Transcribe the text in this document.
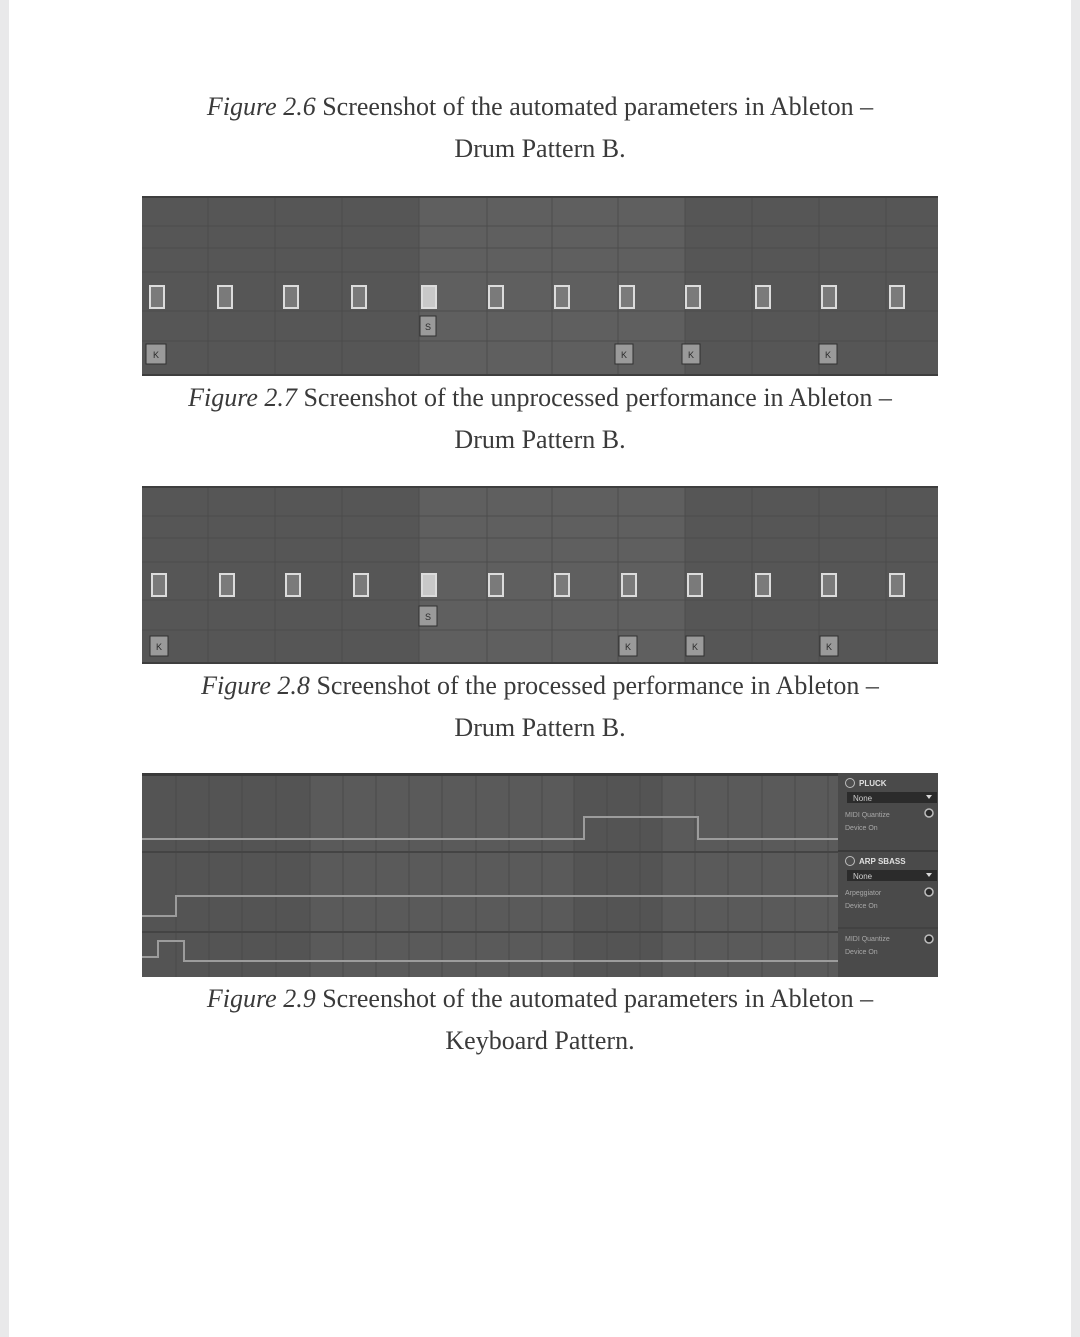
Figure 2.6 Screenshot of the automated parameters in Ableton –
Drum Pattern B.
S
K	K	K	K
Figure 2.7 Screenshot of the unprocessed performance in Ableton –
Drum Pattern B.
S
K	K	K	K
Figure 2.8 Screenshot of the processed performance in Ableton –
Drum Pattern B.
PLUCK
ARP SBASS
None
None
MIDI Quantize
Device On
Arpeggiator
Device On
MIDI Quantize
Device On
Figure 2.9 Screenshot of the automated parameters in Ableton –
Keyboard Pattern.
